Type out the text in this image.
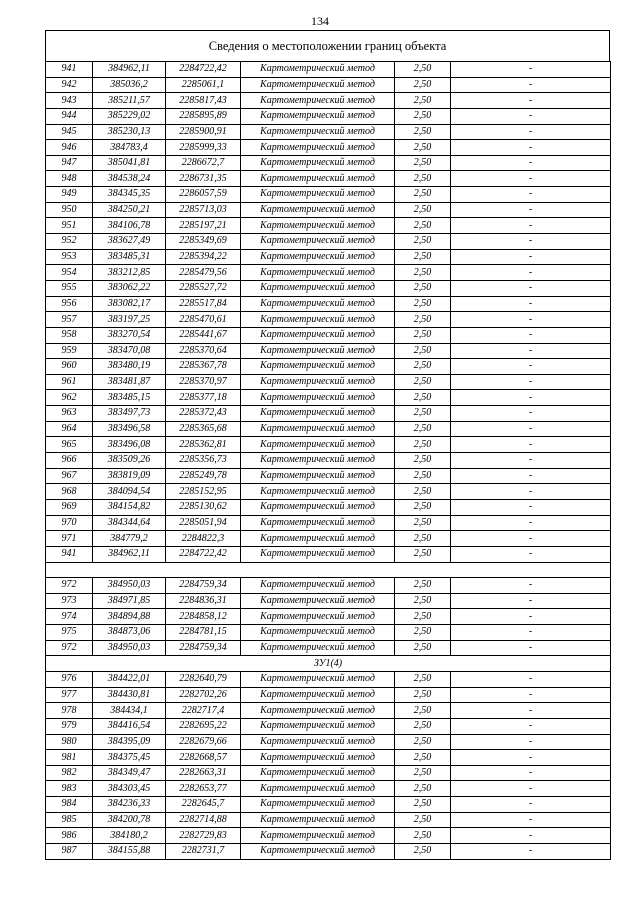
134
Сведения о местоположении границ объекта
941	384962,11	2284722,42	Картометрический метод	2,50	-
942	385036,2	2285061,1	Картометрический метод	2,50	-
943	385211,57	2285817,43	Картометрический метод	2,50	-
944	385229,02	2285895,89	Картометрический метод	2,50	-
945	385230,13	2285900,91	Картометрический метод	2,50	-
946	384783,4	2285999,33	Картометрический метод	2,50	-
947	385041,81	2286672,7	Картометрический метод	2,50	-
948	384538,24	2286731,35	Картометрический метод	2,50	-
949	384345,35	2286057,59	Картометрический метод	2,50	-
950	384250,21	2285713,03	Картометрический метод	2,50	-
951	384106,78	2285197,21	Картометрический метод	2,50	-
952	383627,49	2285349,69	Картометрический метод	2,50	-
953	383485,31	2285394,22	Картометрический метод	2,50	-
954	383212,85	2285479,56	Картометрический метод	2,50	-
955	383062,22	2285527,72	Картометрический метод	2,50	-
956	383082,17	2285517,84	Картометрический метод	2,50	-
957	383197,25	2285470,61	Картометрический метод	2,50	-
958	383270,54	2285441,67	Картометрический метод	2,50	-
959	383470,08	2285370,64	Картометрический метод	2,50	-
960	383480,19	2285367,78	Картометрический метод	2,50	-
961	383481,87	2285370,97	Картометрический метод	2,50	-
962	383485,15	2285377,18	Картометрический метод	2,50	-
963	383497,73	2285372,43	Картометрический метод	2,50	-
964	383496,58	2285365,68	Картометрический метод	2,50	-
965	383496,08	2285362,81	Картометрический метод	2,50	-
966	383509,26	2285356,73	Картометрический метод	2,50	-
967	383819,09	2285249,78	Картометрический метод	2,50	-
968	384094,54	2285152,95	Картометрический метод	2,50	-
969	384154,82	2285130,62	Картометрический метод	2,50	-
970	384344,64	2285051,94	Картометрический метод	2,50	-
971	384779,2	2284822,3	Картометрический метод	2,50	-
941	384962,11	2284722,42	Картометрический метод	2,50	-

972	384950,03	2284759,34	Картометрический метод	2,50	-
973	384971,85	2284836,31	Картометрический метод	2,50	-
974	384894,88	2284858,12	Картометрический метод	2,50	-
975	384873,06	2284781,15	Картометрический метод	2,50	-
972	384950,03	2284759,34	Картометрический метод	2,50	-
ЗУ1(4)					
976	384422,01	2282640,79	Картометрический метод	2,50	-
977	384430,81	2282702,26	Картометрический метод	2,50	-
978	384434,1	2282717,4	Картометрический метод	2,50	-
979	384416,54	2282695,22	Картометрический метод	2,50	-
980	384395,09	2282679,66	Картометрический метод	2,50	-
981	384375,45	2282668,57	Картометрический метод	2,50	-
982	384349,47	2282663,31	Картометрический метод	2,50	-
983	384303,45	2282653,77	Картометрический метод	2,50	-
984	384236,33	2282645,7	Картометрический метод	2,50	-
985	384200,78	2282714,88	Картометрический метод	2,50	-
986	384180,2	2282729,83	Картометрический метод	2,50	-
987	384155,88	2282731,7	Картометрический метод	2,50	-
